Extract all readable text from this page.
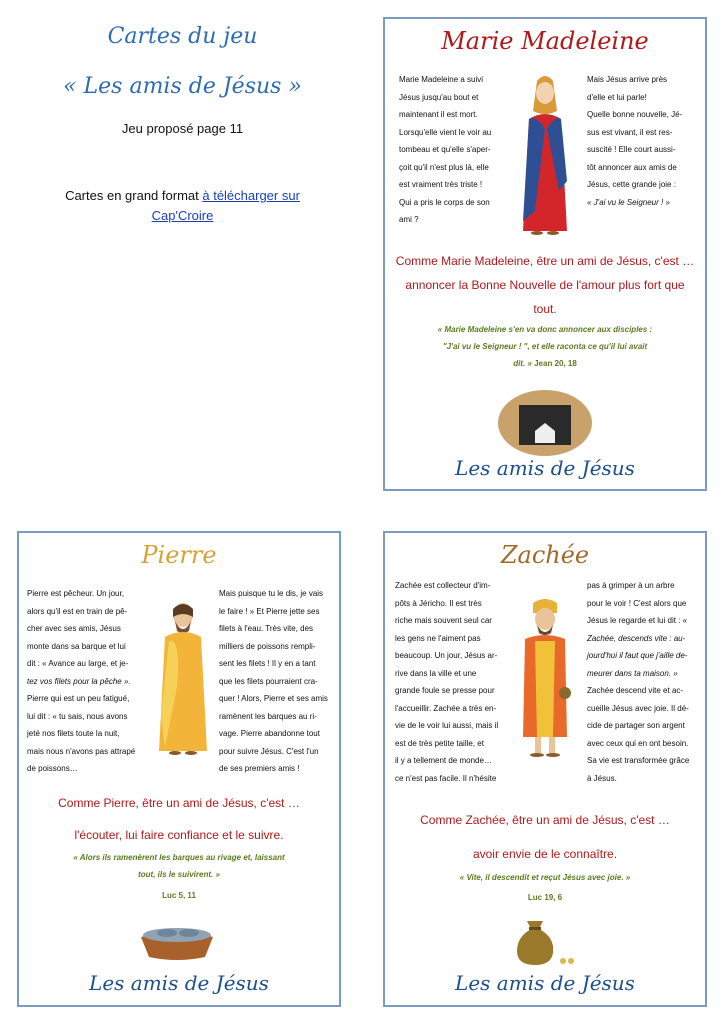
Cartes du jeu
« Les amis de Jésus »
Jeu proposé page 11
Cartes en grand format à télécharger sur
Cap'Croire
Marie Madeleine
Marie Madeleine a suivi
Jésus jusqu'au bout et
maintenant il est mort.
Lorsqu'elle vient le voir au
tombeau et qu'elle s'aper-
çoit qu'il n'est plus là, elle
est vraiment très triste !
Qui a pris le corps de son
ami ?
Mais Jésus arrive près
d'elle et lui parle!
Quelle bonne nouvelle, Jé-
sus est vivant, il est res-
suscité ! Elle court aussi-
tôt annoncer aux amis de
Jésus, cette grande joie :
« J'ai vu le Seigneur ! »
Comme Marie Madeleine, être un ami de Jésus, c'est …
annoncer la Bonne Nouvelle de l'amour plus fort que
tout.
« Marie Madeleine s'en va donc annoncer aux disciples :
"J'ai vu le Seigneur ! ", et elle raconta ce qu'il lui avait
dit. » Jean 20, 18
Les amis de Jésus
Pierre
Pierre est pêcheur. Un jour,
alors qu'il est en train de pê-
cher avec ses amis, Jésus
monte dans sa barque et lui
dit : « Avance au large, et je-
tez vos filets pour la pêche ».
Pierre qui est un peu fatigué,
lui dit : « tu sais, nous avons
jeté nos filets toute la nuit,
mais nous n'avons pas attrapé
de poissons…
Mais puisque tu le dis, je vais
le faire ! » Et Pierre jette ses
filets à l'eau. Très vite, des
milliers de poissons rempli-
sent les filets ! Il y en a tant
que les filets pourraient cra-
quer ! Alors, Pierre et ses amis
ramènent les barques au ri-
vage. Pierre abandonne tout
pour suivre Jésus. C'est l'un
de ses premiers amis !
Comme Pierre, être un ami de Jésus, c'est …
l'écouter, lui faire confiance et le suivre.
« Alors ils ramenèrent les barques au rivage et, laissant
tout, ils le suivirent. »
Luc 5, 11
Les amis de Jésus
Zachée
Zachée est collecteur d'im-
pôts à Jéricho. Il est très
riche mais souvent seul car
les gens ne l'aiment pas
beaucoup. Un jour, Jésus ar-
rive dans la ville et une
grande foule se presse pour
l'accueillir. Zachée a très en-
vie de le voir lui aussi, mais il
est de très petite taille, et
il y a tellement de monde…
ce n'est pas facile. Il n'hésite
pas à grimper à un arbre
pour le voir ! C'est alors que
Jésus le regarde et lui dit : «
Zachée, descends vite : au-
jourd'hui il faut que j'aille de-
meurer dans ta maison. »
Zachée descend vite et ac-
cueille Jésus avec joie. Il dé-
cide de partager son argent
avec ceux qui en ont besoin.
Sa vie est transformée grâce
à Jésus.
Comme Zachée, être un ami de Jésus, c'est …
avoir envie de le connaître.
« Vite, il descendit et reçut Jésus avec joie. »
Luc 19, 6
Les amis de Jésus
